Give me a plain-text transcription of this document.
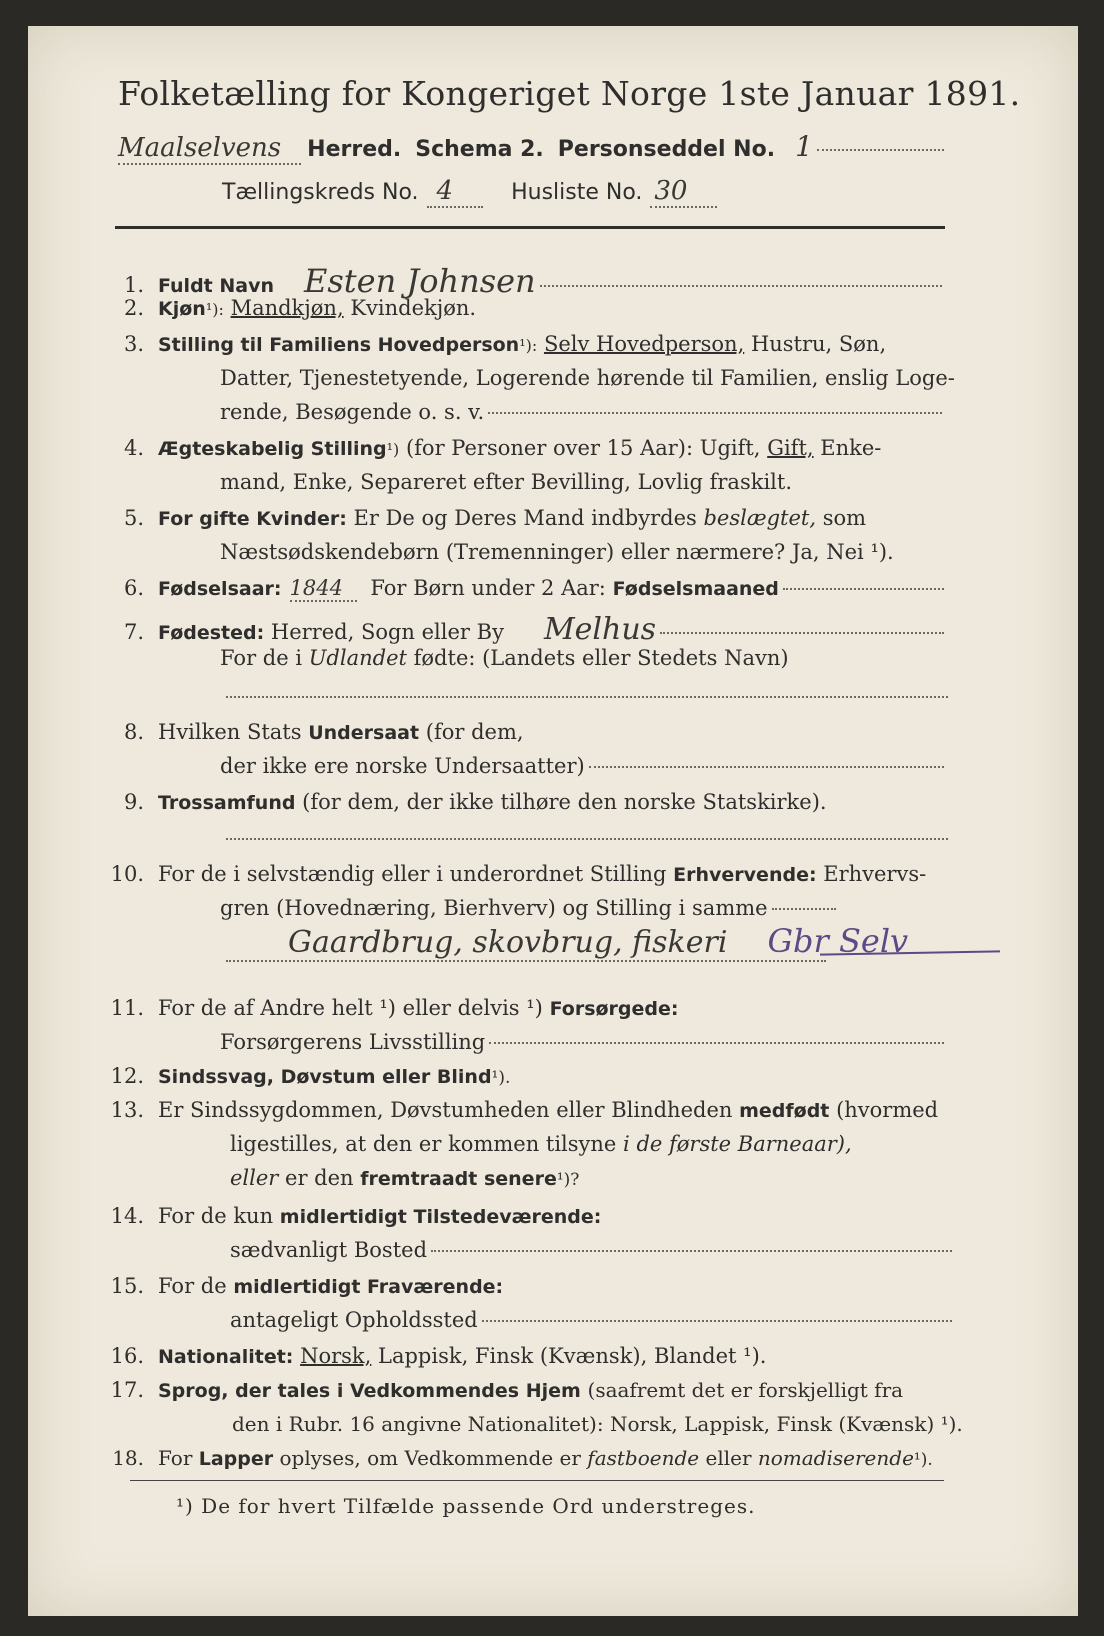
Folketælling for Kongeriget Norge 1ste Januar 1891.
Maalselvens	Herred. Schema 2. Personseddel No. 1
Tællingskreds No. 4	Husliste No. 30
1. Fuldt Navn Esten Johnsen
2. Kjøn ¹):
Mandkjøn,
Kvindekjøn.
3. Stilling til Familiens Hovedperson ¹):
Selv Hovedperson,
Hustru, Søn,
Datter, Tjenestetyende, Logerende hørende til Familien, enslig Loge-
rende, Besøgende o. s. v.
4. Ægteskabelig Stilling ¹)
(for Personer over 15 Aar): Ugift,
Gift,
Enke-
mand, Enke, Separeret efter Bevilling, Lovlig fraskilt.
5. For gifte Kvinder:
Er De og Deres Mand indbyrdes
beslægtet,
som
Næstsødskendebørn (Tremenninger) eller nærmere? Ja, Nei ¹).
6. Fødselsaar: 1844
	For Børn under 2 Aar:
Fødselsmaaned
7. Fødested:
Herred, Sogn eller By Melhus
For de i
Udlandet
fødte: (Landets eller Stedets Navn)
8. Hvilken Stats
Undersaat
(for dem,
der ikke ere norske Undersaatter)
9. Trossamfund
(for dem, der ikke tilhøre den norske Statskirke).
10. For de i selvstændig eller i underordnet Stilling
Erhvervende:
Erhvervs-
gren (Hovednæring, Bierhverv) og Stilling i samme
Gaardbrug, skovbrug, fiskeri Gbr Selv
11. For de af Andre helt ¹) eller delvis ¹)
Forsørgede:
Forsørgerens Livsstilling
12. Sindssvag, Døvstum eller Blind ¹).
13. Er Sindssygdommen, Døvstumheden eller Blindheden
medfødt
(hvormed
ligestilles, at den er kommen tilsyne
i de første Barneaar),
eller
er den
fremtraadt senere ¹)?
14. For de kun
midlertidigt Tilstedeværende:
sædvanligt Bosted
15. For de
midlertidigt Fraværende:
antageligt Opholdssted
16. Nationalitet:
Norsk,
Lappisk, Finsk (Kvænsk), Blandet ¹).
17. Sprog, der tales i Vedkommendes Hjem
(saafremt det er forskjelligt fra
den i Rubr. 16 angivne Nationalitet): Norsk, Lappisk, Finsk (Kvænsk) ¹).
18. For
Lapper
oplyses, om Vedkommende er
fastboende
eller
nomadiserende ¹).
¹) De for hvert Tilfælde passende Ord understreges.
